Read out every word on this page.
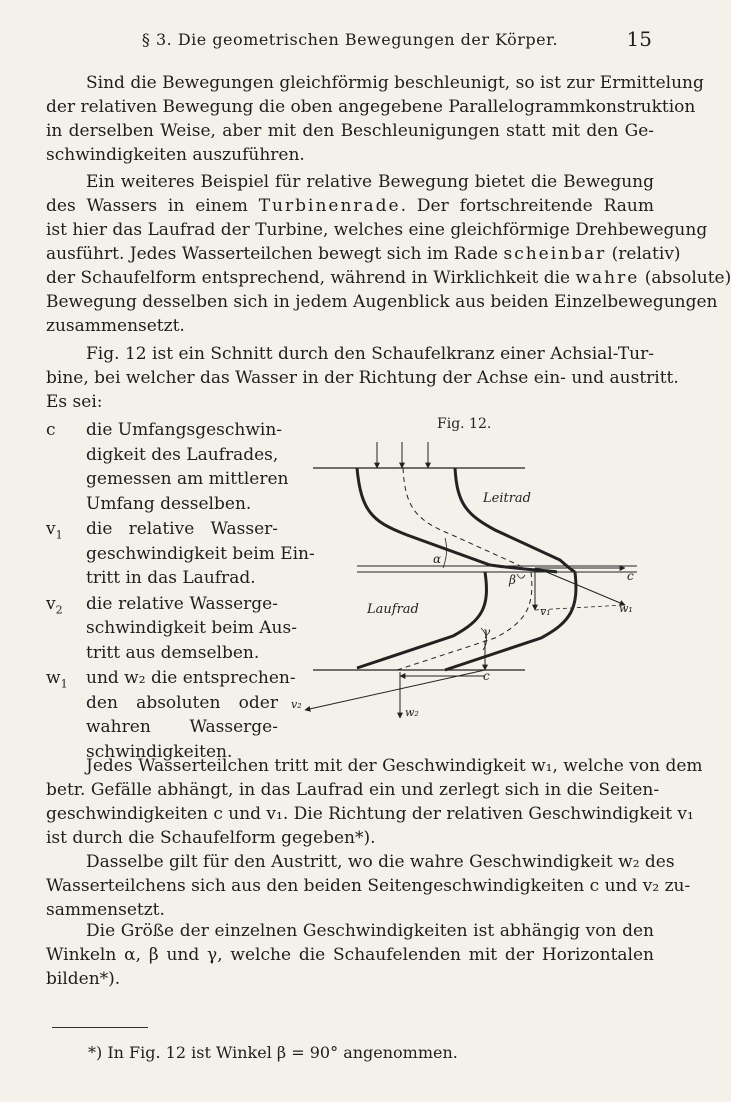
§ 3. Die geometrischen Bewegungen der Körper.	15
Sind die Bewegungen gleichförmig beschleunigt, so ist zur Ermittelung
der relativen Bewegung die oben angegebene Parallelogrammkonstruktion
in derselben Weise, aber mit den Beschleunigungen statt mit den Ge-
schwindigkeiten auszuführen.
Ein weiteres Beispiel für relative Bewegung bietet die Bewegung
des Wassers in einem Turbinenrade. Der fortschreitende Raum
ist hier das Laufrad der Turbine, welches eine gleichförmige Drehbewegung
ausführt. Jedes Wasserteilchen bewegt sich im Rade scheinbar (relativ)
der Schaufelform entsprechend, während in Wirklichkeit die wahre (absolute)
Bewegung desselben sich in jedem Augenblick aus beiden Einzelbewegungen
zusammensetzt.
Fig. 12 ist ein Schnitt durch den Schaufelkranz einer Achsial-Tur-
bine, bei welcher das Wasser in der Richtung der Achse ein- und austritt.
Es sei:
c	die Umfangsgeschwin-
digkeit des Laufrades,
gemessen am mittleren
Umfang desselben.
$v_1$	die relative Wasser-
geschwindigkeit beim Ein-
tritt in das Laufrad.
$v_2$	die relative Wasserge-
schwindigkeit beim Aus-
tritt aus demselben.
$w_1$	und w₂ die entsprechen-
den absoluten oder
wahren Wasserge-
schwindigkeiten.
Fig. 12.
Leitrad
α
c
v₁	w₁
β
Laufrad
γ
c
v₂
w₂
Jedes Wasserteilchen tritt mit der Geschwindigkeit w₁, welche von dem
betr. Gefälle abhängt, in das Laufrad ein und zerlegt sich in die Seiten-
geschwindigkeiten c und v₁. Die Richtung der relativen Geschwindigkeit v₁
ist durch die Schaufelform gegeben*).
Dasselbe gilt für den Austritt, wo die wahre Geschwindigkeit w₂ des
Wasserteilchens sich aus den beiden Seitengeschwindigkeiten c und v₂ zu-
sammensetzt.
Die Größe der einzelnen Geschwindigkeiten ist abhängig von den
Winkeln α, β und γ, welche die Schaufelenden mit der Horizontalen
bilden*).
*) In Fig. 12 ist Winkel β = 90° angenommen.
